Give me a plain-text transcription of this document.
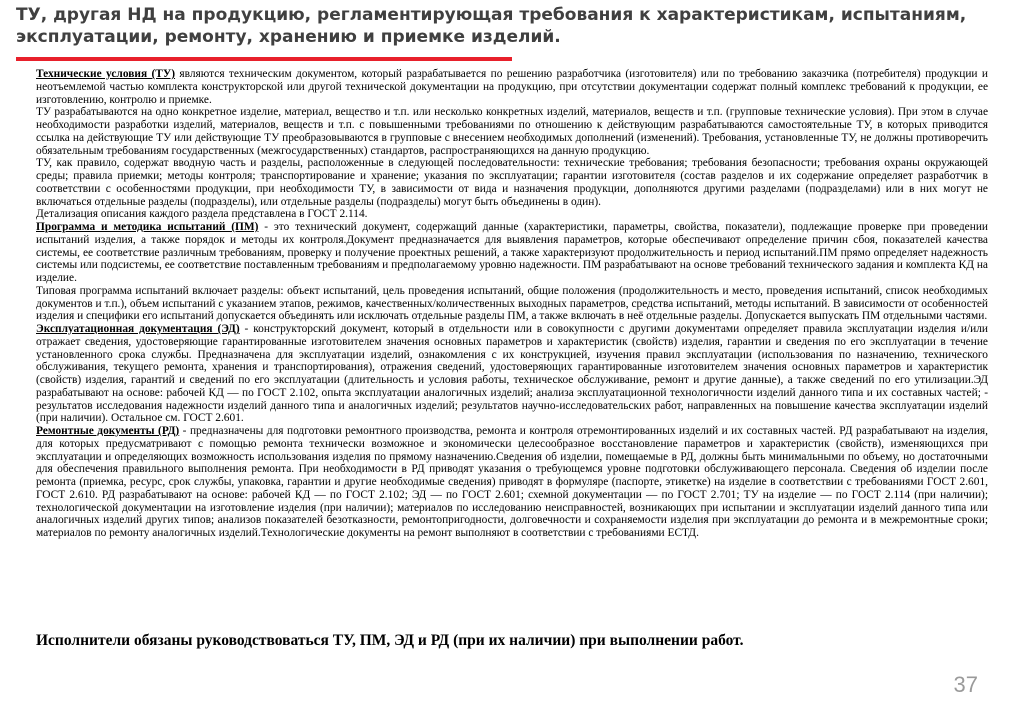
ТУ, другая НД на продукцию, регламентирующая требования к характеристикам, испытаниям, эксплуатации, ремонту, хранению и приемке изделий.

Технические условия (ТУ) являются техническим документом, который разрабатывается по решению разработчика (изготовителя) или по требованию заказчика (потребителя) продукции и неотъемлемой частью комплекта конструкторской или другой технической документации на продукцию, при отсутствии документации содержат полный комплекс требований к продукции, ее изготовлению, контролю и приемке.

ТУ разрабатываются на одно конкретное изделие, материал, вещество и т.п. или несколько конкретных изделий, материалов, веществ и т.п. (групповые технические условия). При этом в случае необходимости разработки изделий, материалов, веществ и т.п. с повышенными требованиями по отношению к действующим разрабатываются самостоятельные ТУ, в которых приводится ссылка на действующие ТУ или действующие ТУ преобразовываются в групповые с внесением необходимых дополнений (изменений). Требования, установленные ТУ, не должны противоречить обязательным требованиям государственных (межгосударственных) стандартов, распространяющихся на данную продукцию.

ТУ, как правило, содержат вводную часть и разделы, расположенные в следующей последовательности: технические требования; требования безопасности; требования охраны окружающей среды; правила приемки; методы контроля; транспортирование и хранение; указания по эксплуатации; гарантии изготовителя (состав разделов и их содержание определяет разработчик в соответствии с особенностями продукции, при необходимости ТУ, в зависимости от вида и назначения продукции, дополняются другими разделами (подразделами) или в них могут не включаться отдельные разделы (подразделы), или отдельные разделы (подразделы) могут быть объединены в один).

Детализация описания каждого раздела представлена в ГОСТ 2.114.

Программа и методика испытаний (ПМ) - это технический документ, содержащий данные (характеристики, параметры, свойства, показатели), подлежащие проверке при проведении испытаний изделия, а также порядок и методы их контроля.Документ предназначается для выявления параметров, которые обеспечивают определение причин сбоя, показателей качества системы, ее соответствие различным требованиям, проверку и получение проектных решений, а также характеризуют продолжительность и период испытаний.ПМ прямо определяет надежность системы или подсистемы, ее соответствие поставленным требованиям и предполагаемому уровню надежности. ПМ разрабатывают на основе требований технического задания и комплекта КД на изделие.

Типовая программа испытаний включает разделы: объект испытаний, цель проведения испытаний, общие положения (продолжительность и место, проведения испытаний, список необходимых документов и т.п.), объем испытаний с указанием этапов, режимов, качественных/количественных выходных параметров, средства испытаний, методы испытаний. В зависимости от особенностей изделия и специфики его испытаний допускается объединять или исключать отдельные разделы ПМ, а также включать в неё отдельные разделы. Допускается выпускать ПМ отдельными частями.

Эксплуатационная документация (ЭД) - конструкторский документ, который в отдельности или в совокупности с другими документами определяет правила эксплуатации изделия и/или отражает сведения, удостоверяющие гарантированные изготовителем значения основных параметров и характеристик (свойств) изделия, гарантии и сведения по его эксплуатации в течение установленного срока службы. Предназначена для эксплуатации изделий, ознакомления с их конструкцией, изучения правил эксплуатации (использования по назначению, технического обслуживания, текущего ремонта, хранения и транспортирования), отражения сведений, удостоверяющих гарантированные изготовителем значения основных параметров и характеристик (свойств) изделия, гарантий и сведений по его эксплуатации (длительность и условия работы, техническое обслуживание, ремонт и другие данные), а также сведений по его утилизации.ЭД разрабатывают на основе: рабочей КД — по ГОСТ 2.102, опыта эксплуатации аналогичных изделий; анализа эксплуатационной технологичности изделий данного типа и их составных частей; - результатов исследования надежности изделий данного типа и аналогичных изделий; результатов научно-исследовательских работ, направленных на повышение качества эксплуатации изделий (при наличии). Остальное см. ГОСТ 2.601.

Ремонтные документы (РД) - предназначены для подготовки ремонтного производства, ремонта и контроля отремонтированных изделий и их составных частей. РД разрабатывают на изделия, для которых предусматривают с помощью ремонта технически возможное и экономически целесообразное восстановление параметров и характеристик (свойств), изменяющихся при эксплуатации и определяющих возможность использования изделия по прямому назначению.Сведения об изделии, помещаемые в РД, должны быть минимальными по объему, но достаточными для обеспечения правильного выполнения ремонта. При необходимости в РД приводят указания о требующемся уровне подготовки обслуживающего персонала. Сведения об изделии после ремонта (приемка, ресурс, срок службы, упаковка, гарантии и другие необходимые сведения) приводят в формуляре (паспорте, этикетке) на изделие в соответствии с требованиями ГОСТ 2.601, ГОСТ 2.610. РД разрабатывают на основе: рабочей КД — по ГОСТ 2.102; ЭД — по ГОСТ 2.601; схемной документации — по ГОСТ 2.701; ТУ на изделие — по ГОСТ 2.114 (при наличии); технологической документации на изготовление изделия (при наличии); материалов по исследованию неисправностей, возникающих при испытании и эксплуатации изделий данного типа или аналогичных изделий других типов; анализов показателей безотказности, ремонтопригодности, долговечности и сохраняемости изделия при эксплуатации до ремонта и в межремонтные сроки; материалов по ремонту аналогичных изделий.Технологические документы на ремонт выполняют в соответствии с требованиями ЕСТД.

Исполнители обязаны руководствоваться ТУ, ПМ, ЭД и РД (при их наличии) при выполнении работ.

37
